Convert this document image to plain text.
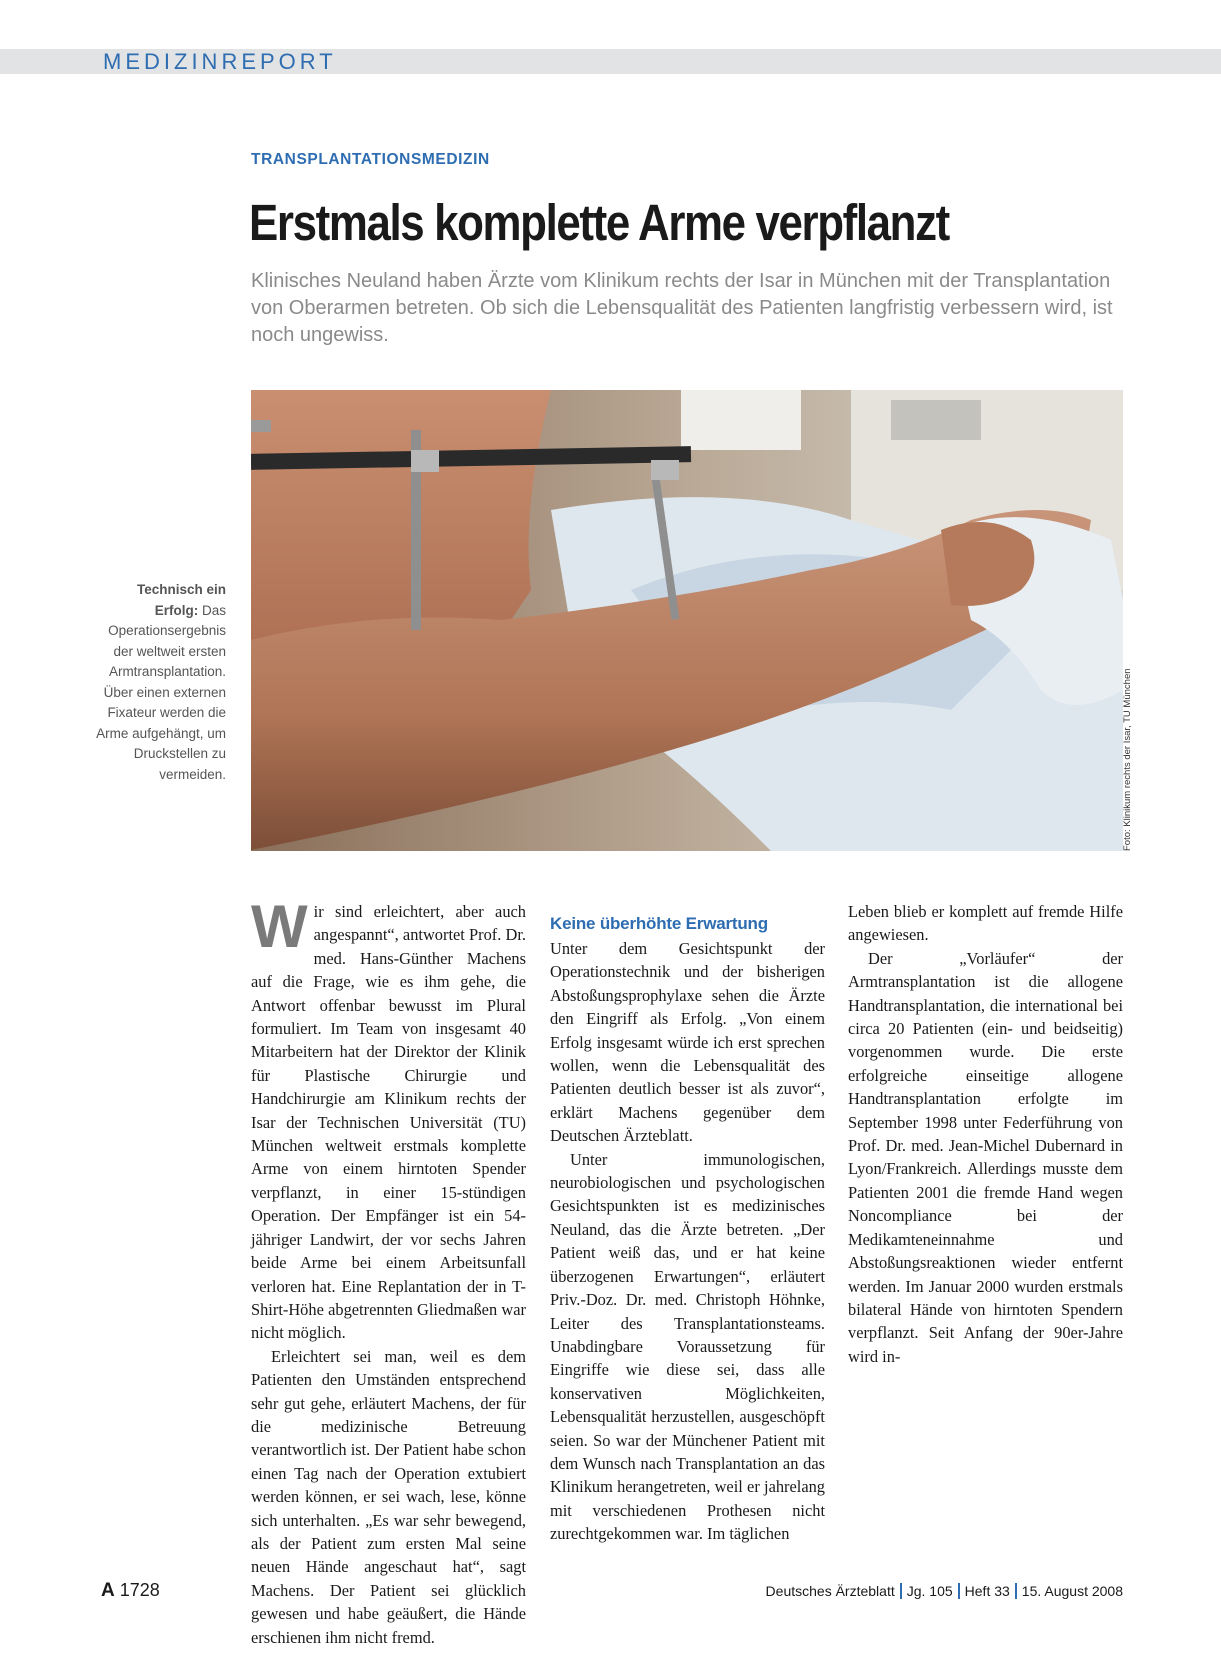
MEDIZINREPORT
TRANSPLANTATIONSMEDIZIN
Erstmals komplette Arme verpflanzt
Klinisches Neuland haben Ärzte vom Klinikum rechts der Isar in München mit der Transplantation von Oberarmen betreten. Ob sich die Lebensqualität des Patienten langfristig verbessern wird, ist noch ungewiss.
Foto: Klinikum rechts der Isar, TU München
Technisch ein Erfolg: Das Operationsergebnis der weltweit ersten Armtransplantation. Über einen externen Fixateur werden die Arme aufgehängt, um Druckstellen zu vermeiden.

Wir sind erleichtert, aber auch angespannt“, antwortet Prof. Dr. med. Hans-Günther Machens auf die Frage, wie es ihm gehe, die Antwort offenbar bewusst im Plural formuliert. Im Team von insgesamt 40 Mitarbeitern hat der Direktor der Klinik für Plastische Chirurgie und Handchirurgie am Klinikum rechts der Isar der Technischen Universität (TU) München weltweit erstmals komplette Arme von einem hirntoten Spender verpflanzt, in einer 15-stündigen Operation. Der Empfänger ist ein 54-jähriger Landwirt, der vor sechs Jahren beide Arme bei einem Arbeitsunfall verloren hat. Eine Replantation der in T-Shirt-Höhe abgetrennten Gliedmaßen war nicht möglich.

Erleichtert sei man, weil es dem Patienten den Umständen entsprechend sehr gut gehe, erläutert Machens, der für die medizinische Betreuung verantwortlich ist. Der Patient habe schon einen Tag nach der Operation extubiert werden können, er sei wach, lese, könne sich unterhalten. „Es war sehr bewegend, als der Patient zum ersten Mal seine neuen Hände angeschaut hat“, sagt Machens. Der Patient sei glücklich gewesen und habe geäußert, die Hände erschienen ihm nicht fremd.

Keine überhöhte Erwartung

Unter dem Gesichtspunkt der Operationstechnik und der bisherigen Abstoßungsprophylaxe sehen die Ärzte den Eingriff als Erfolg. „Von einem Erfolg insgesamt würde ich erst sprechen wollen, wenn die Lebensqualität des Patienten deutlich besser ist als zuvor“, erklärt Machens gegenüber dem Deutschen Ärzteblatt.

Unter immunologischen, neurobiologischen und psychologischen Gesichtspunkten ist es medizinisches Neuland, das die Ärzte betreten. „Der Patient weiß das, und er hat keine überzogenen Erwartungen“, erläutert Priv.-Doz. Dr. med. Christoph Höhnke, Leiter des Transplantationsteams. Unabdingbare Voraussetzung für Eingriffe wie diese sei, dass alle konservativen Möglichkeiten, Lebensqualität herzustellen, ausgeschöpft seien. So war der Münchener Patient mit dem Wunsch nach Transplantation an das Klinikum herangetreten, weil er jahrelang mit verschiedenen Prothesen nicht zurechtgekommen war. Im täglichen

Leben blieb er komplett auf fremde Hilfe angewiesen.

Der „Vorläufer“ der Armtransplantation ist die allogene Handtransplantation, die international bei circa 20 Patienten (ein- und beidseitig) vorgenommen wurde. Die erste erfolgreiche einseitige allogene Handtransplantation erfolgte im September 1998 unter Federführung von Prof. Dr. med. Jean-Michel Dubernard in Lyon/Frankreich. Allerdings musste dem Patienten 2001 die fremde Hand wegen Noncompliance bei der Medikamteneinnahme und Abstoßungsreaktionen wieder entfernt werden. Im Januar 2000 wurden erstmals bilateral Hände von hirntoten Spendern verpflanzt. Seit Anfang der 90er-Jahre wird in-

A 1728	Deutsches Ärzteblatt Jg. 105 Heft 33 15. August 2008
